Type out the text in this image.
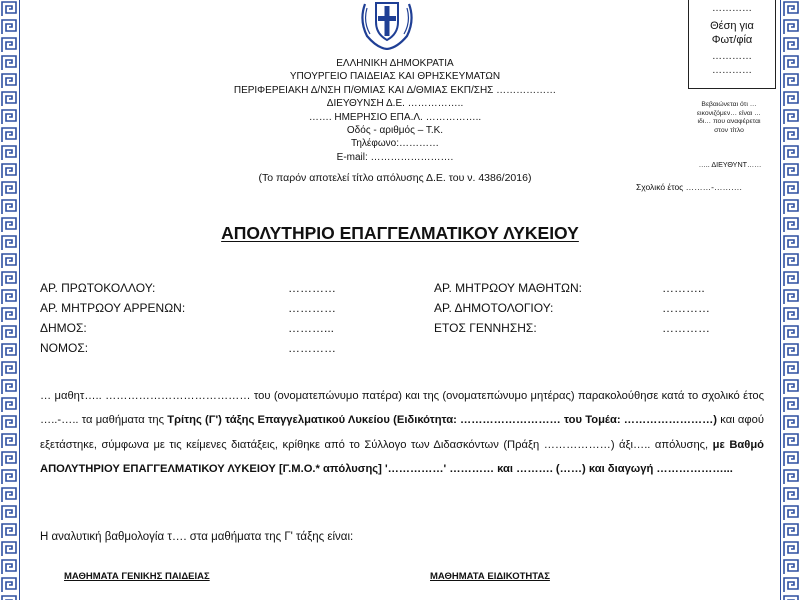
…………
Θέση για
Φωτ/φία
…………
…………
Βεβαιώνεται ότι …
εικονιζόμεν… είναι …
ιδι… που αναφέρεται
στον τίτλο
….. ΔΙΕΥΘΥΝΤ……
Σχολικό έτος ………-……….
ΕΛΛΗΝΙΚΗ ΔΗΜΟΚΡΑΤΙΑ
ΥΠΟΥΡΓΕΙΟ ΠΑΙΔΕΙΑΣ ΚΑΙ ΘΡΗΣΚΕΥΜΑΤΩΝ
ΠΕΡΙΦΕΡΕΙΑΚΗ Δ/ΝΣΗ Π/ΘΜΙΑΣ ΚΑΙ Δ/ΘΜΙΑΣ ΕΚΠ/ΣΗΣ ………………
ΔΙΕΥΘΥΝΣΗ Δ.Ε. ……………..
……. ΗΜΕΡΗΣΙΟ ΕΠΑ.Λ. ……………..
Οδός - αριθμός – Τ.Κ.
Τηλέφωνο:…………
E-mail: …………………….
(Το παρόν αποτελεί τίτλο απόλυσης Δ.Ε. του ν. 4386/2016)
ΑΠΟΛΥΤΗΡΙΟ ΕΠΑΓΓΕΛΜΑΤΙΚΟΥ ΛΥΚΕΙΟΥ
ΑΡ. ΠΡΩΤΟΚΟΛΛΟΥ:	…………
ΑΡ. ΜΗΤΡΩΟΥ ΑΡΡΕΝΩΝ:	…………
ΔΗΜΟΣ:	………...
ΝΟΜΟΣ:	…………
ΑΡ. ΜΗΤΡΩΟΥ ΜΑΘΗΤΩΝ:	………..
ΑΡ. ΔΗΜΟΤΟΛΟΓΙΟΥ:	…………
ΕΤΟΣ ΓΕΝΝΗΣΗΣ:	…………
… μαθητ….. ………………………………… του (ονοματεπώνυμο πατέρα) και της (ονοματεπώνυμο μητέρας) παρακολούθησε κατά το σχολικό έτος …..-….. τα μαθήματα της Τρίτης (Γ') τάξης Επαγγελματικού Λυκείου (Ειδικότητα: ……………………… του Τομέα: ……………………) και αφού εξετάστηκε, σύμφωνα με τις κείμενες διατάξεις, κρίθηκε από το Σύλλογο των Διδασκόντων (Πράξη ………………) άξι….. απόλυσης, με Βαθμό ΑΠΟΛΥΤΗΡΙΟΥ ΕΠΑΓΓΕΛΜΑΤΙΚΟΥ ΛΥΚΕΙΟΥ [Γ.Μ.Ο.* απόλυσης] '……………' ………… και ………. (……) και διαγωγή ………………...
Η αναλυτική βαθμολογία τ…. στα μαθήματα της Γ' τάξης είναι:
ΜΑΘΗΜΑΤΑ ΓΕΝΙΚΗΣ ΠΑΙΔΕΙΑΣ	ΜΑΘΗΜΑΤΑ ΕΙΔΙΚΟΤΗΤΑΣ
